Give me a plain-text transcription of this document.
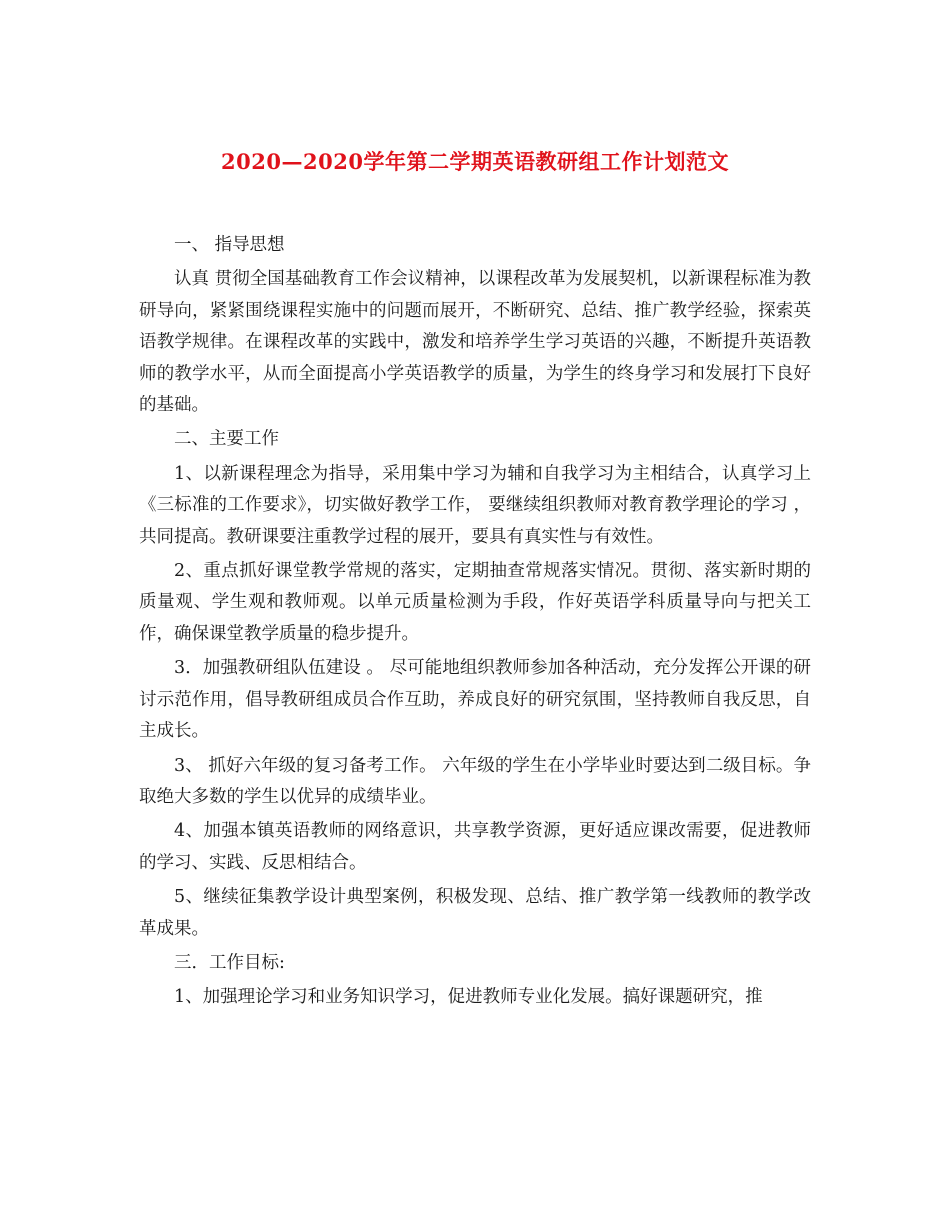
2020—2020学年第二学期英语教研组工作计划范文

一、 指导思想

认真 贯彻全国基础教育工作会议精神，以课程改革为发展契机，以新课程标准为教研导向，紧紧围绕课程实施中的问题而展开，不断研究、总结、推广教学经验，探索英语教学规律。在课程改革的实践中，激发和培养学生学习英语的兴趣，不断提升英语教师的教学水平，从而全面提高小学英语教学的质量，为学生的终身学习和发展打下良好的基础。

二、主要工作

1、以新课程理念为指导，采用集中学习为辅和自我学习为主相结合，认真学习上《三标准的工作要求》，切实做好教学工作， 要继续组织教师对教育教学理论的学习 ，共同提高。教研课要注重教学过程的展开，要具有真实性与有效性。

2、重点抓好课堂教学常规的落实，定期抽查常规落实情况。贯彻、落实新时期的质量观、学生观和教师观。以单元质量检测为手段，作好英语学科质量导向与把关工作，确保课堂教学质量的稳步提升。

3．加强教研组队伍建设 。 尽可能地组织教师参加各种活动，充分发挥公开课的研讨示范作用，倡导教研组成员合作互助，养成良好的研究氛围，坚持教师自我反思，自主成长。

3、 抓好六年级的复习备考工作。 六年级的学生在小学毕业时要达到二级目标。争取绝大多数的学生以优异的成绩毕业。

4、加强本镇英语教师的网络意识，共享教学资源，更好适应课改需要，促进教师的学习、实践、反思相结合。

5、继续征集教学设计典型案例，积极发现、总结、推广教学第一线教师的教学改革成果。

三．工作目标:

1、加强理论学习和业务知识学习，促进教师专业化发展。搞好课题研究，推
